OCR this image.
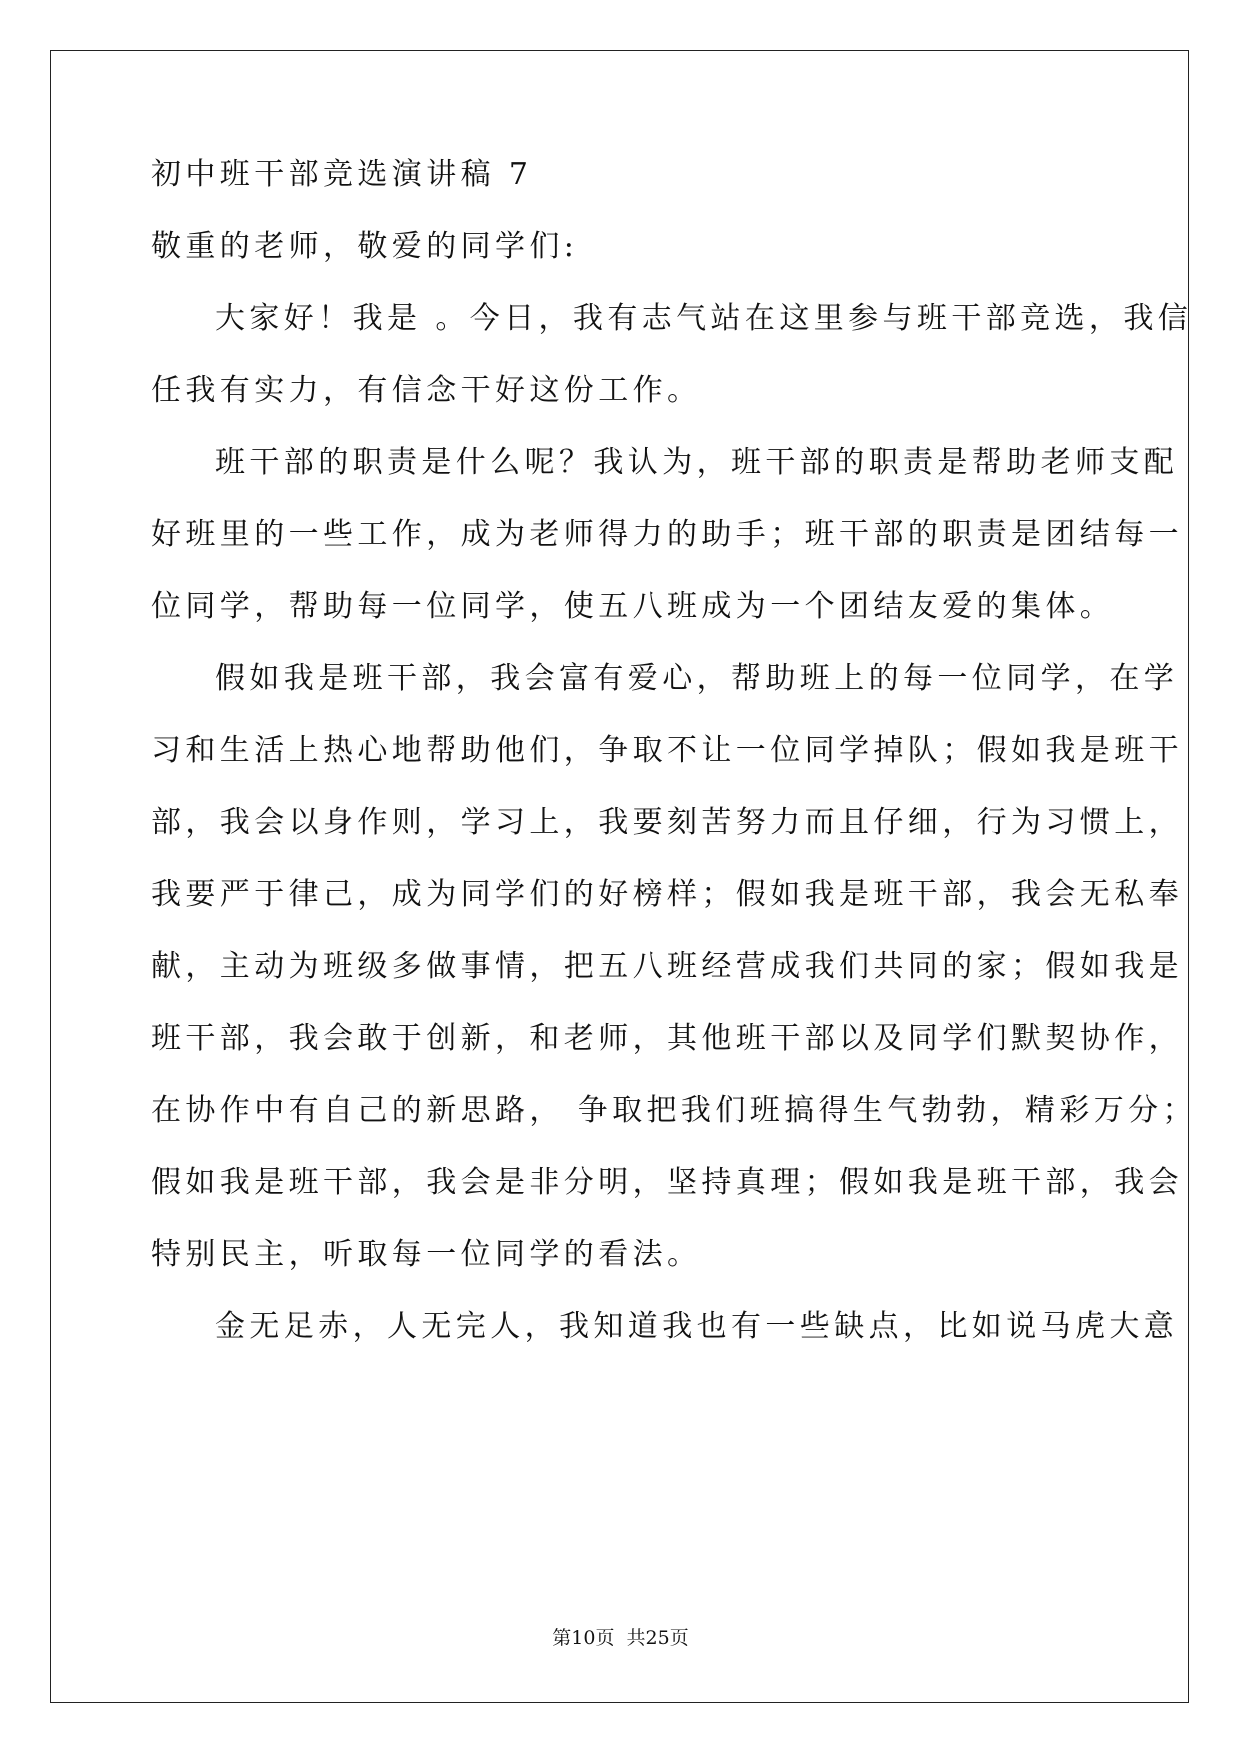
初中班干部竞选演讲稿 7
敬重的老师，敬爱的同学们:
大家好！我是 。今日，我有志气站在这里参与班干部竞选，我信
任我有实力，有信念干好这份工作。
班干部的职责是什么呢？我认为，班干部的职责是帮助老师支配
好班里的一些工作，成为老师得力的助手；班干部的职责是团结每一
位同学，帮助每一位同学，使五八班成为一个团结友爱的集体。
假如我是班干部，我会富有爱心，帮助班上的每一位同学，在学
习和生活上热心地帮助他们，争取不让一位同学掉队；假如我是班干
部，我会以身作则，学习上，我要刻苦努力而且仔细，行为习惯上，
我要严于律己，成为同学们的好榜样；假如我是班干部，我会无私奉
献，主动为班级多做事情，把五八班经营成我们共同的家；假如我是
班干部，我会敢于创新，和老师，其他班干部以及同学们默契协作，
在协作中有自己的新思路， 争取把我们班搞得生气勃勃，精彩万分；
假如我是班干部，我会是非分明，坚持真理；假如我是班干部，我会
特别民主，听取每一位同学的看法。
金无足赤，人无完人，我知道我也有一些缺点，比如说马虎大意
第10页  共25页
